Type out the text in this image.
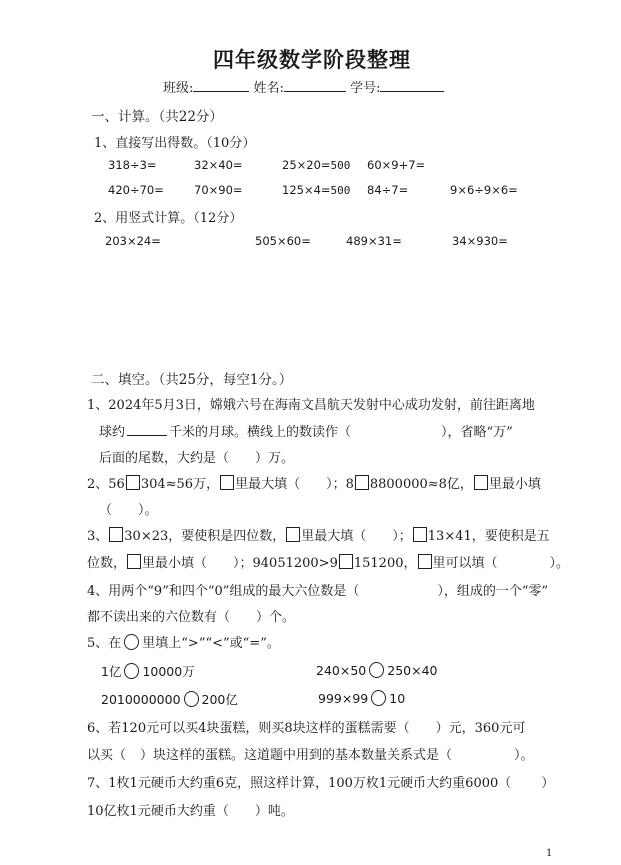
四年级数学阶段整理
班级:	姓名:	学号:
一、计算。（共22分）
1、直接写出得数。（10分）
318÷3=	32×40=	25×20=500 60×9+7=
420÷70=	70×90=	125×4=500 84÷7=	9×6÷9×6=
2、用竖式计算。（12分）
203×24=	505×60=	489×31=	34×930=
二、填空。（共25分，每空1分。）
1、2024年5月3日，嫦娥六号在海南文昌航天发射中心成功发射，前往距离地
球约	千米的月球。横线上的数读作（	），省略“万”
后面的尾数，大约是（　　）万。
2、56 304≈56万， 里最大填（　　）；8 8800000≈8亿， 里最小填
（　　）。
3、 30×23，要使积是四位数， 里最大填（　　）； 13×41，要使积是五
位数， 里最小填（　　）；94051200>9 151200， 里可以填（　　　　）。
4、用两个“9”和四个“0”组成的最大六位数是（	），组成的一个“零”
都不读出来的六位数有（　　）个。
5、在 里填上“>”“<”或“=”。
1亿 10000万	240×50 250×40
2010000000 200亿	999×99 10
6、若120元可以买4块蛋糕，则买8块这样的蛋糕需要（ ）元，360元可
以买（ ）块这样的蛋糕。这道题中用到的基本数量关系式是（	）。
7、1枚1元硬币大约重6克，照这样计算，100万枚1元硬币大约重6000（ ）
10亿枚1元硬币大约重（　　）吨。
1
